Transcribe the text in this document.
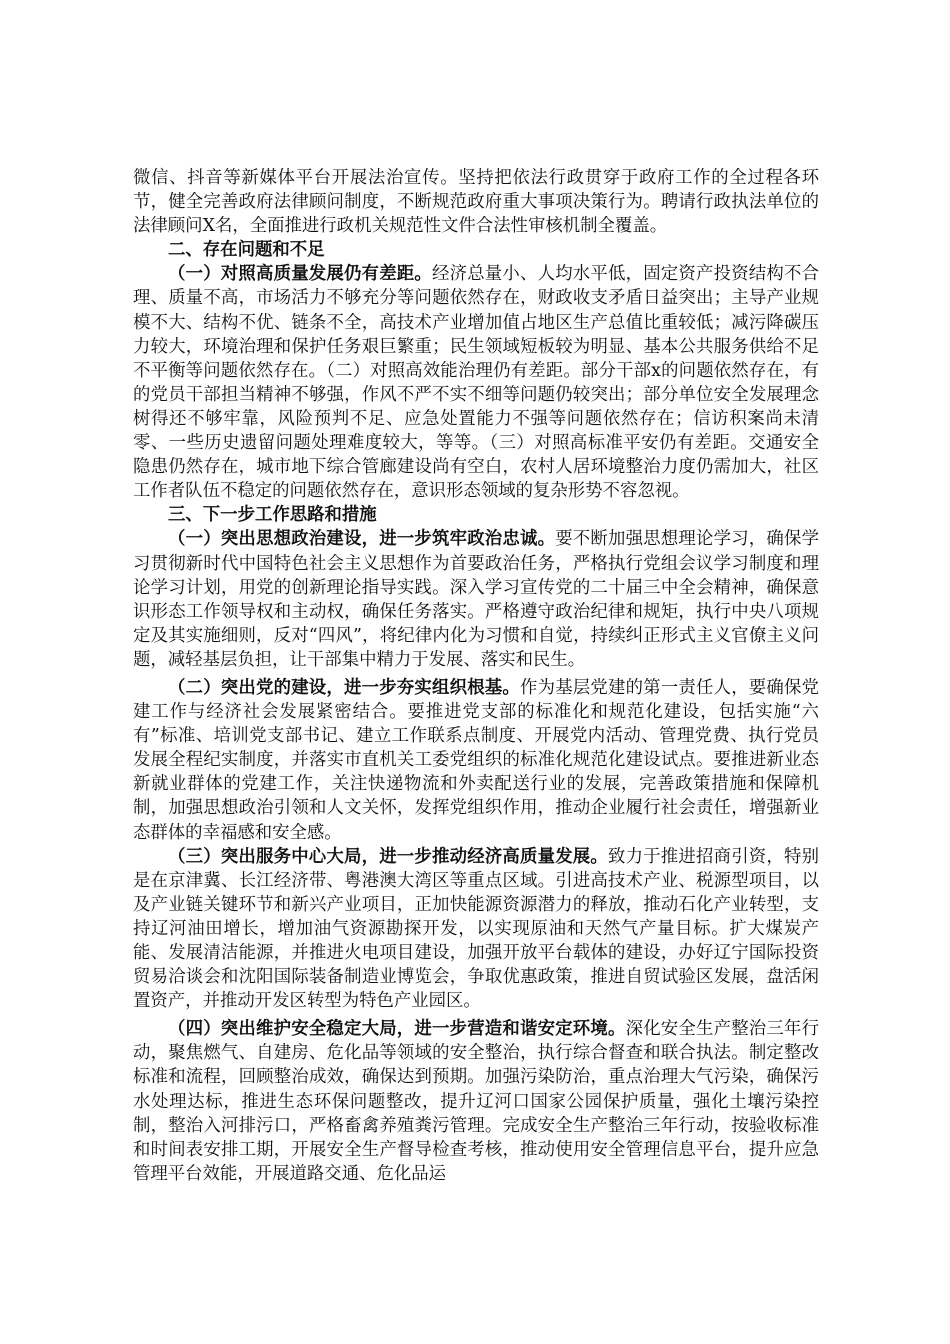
微信、抖音等新媒体平台开展法治宣传。坚持把依法行政贯穿于政府工作的全过程各环节，健全完善政府法律顾问制度，不断规范政府重大事项决策行为。聘请行政执法单位的法律顾问X名，全面推进行政机关规范性文件合法性审核机制全覆盖。

二、存在问题和不足

（一）对照高质量发展仍有差距。经济总量小、人均水平低，固定资产投资结构不合理、质量不高，市场活力不够充分等问题依然存在，财政收支矛盾日益突出；主导产业规模不大、结构不优、链条不全，高技术产业增加值占地区生产总值比重较低；减污降碳压力较大，环境治理和保护任务艰巨繁重；民生领域短板较为明显、基本公共服务供给不足不平衡等问题依然存在。（二）对照高效能治理仍有差距。部分干部x的问题依然存在，有的党员干部担当精神不够强，作风不严不实不细等问题仍较突出；部分单位安全发展理念树得还不够牢靠，风险预判不足、应急处置能力不强等问题依然存在；信访积案尚未清零、一些历史遗留问题处理难度较大，等等。（三）对照高标准平安仍有差距。交通安全隐患仍然存在，城市地下综合管廊建设尚有空白，农村人居环境整治力度仍需加大，社区工作者队伍不稳定的问题依然存在，意识形态领域的复杂形势不容忽视。

三、下一步工作思路和措施

（一）突出思想政治建设，进一步筑牢政治忠诚。要不断加强思想理论学习，确保学习贯彻新时代中国特色社会主义思想作为首要政治任务，严格执行党组会议学习制度和理论学习计划，用党的创新理论指导实践。深入学习宣传党的二十届三中全会精神，确保意识形态工作领导权和主动权，确保任务落实。严格遵守政治纪律和规矩，执行中央八项规定及其实施细则，反对“四风”，将纪律内化为习惯和自觉，持续纠正形式主义官僚主义问题，减轻基层负担，让干部集中精力于发展、落实和民生。

（二）突出党的建设，进一步夯实组织根基。作为基层党建的第一责任人，要确保党建工作与经济社会发展紧密结合。要推进党支部的标准化和规范化建设，包括实施“六有”标准、培训党支部书记、建立工作联系点制度、开展党内活动、管理党费、执行党员发展全程纪实制度，并落实市直机关工委党组织的标准化规范化建设试点。要推进新业态新就业群体的党建工作，关注快递物流和外卖配送行业的发展，完善政策措施和保障机制，加强思想政治引领和人文关怀，发挥党组织作用，推动企业履行社会责任，增强新业态群体的幸福感和安全感。

（三）突出服务中心大局，进一步推动经济高质量发展。致力于推进招商引资，特别是在京津冀、长江经济带、粤港澳大湾区等重点区域。引进高技术产业、税源型项目，以及产业链关键环节和新兴产业项目，正加快能源资源潜力的释放，推动石化产业转型，支持辽河油田增长，增加油气资源勘探开发，以实现原油和天然气产量目标。扩大煤炭产能、发展清洁能源，并推进火电项目建设，加强开放平台载体的建设，办好辽宁国际投资贸易洽谈会和沈阳国际装备制造业博览会，争取优惠政策，推进自贸试验区发展，盘活闲置资产，并推动开发区转型为特色产业园区。

（四）突出维护安全稳定大局，进一步营造和谐安定环境。深化安全生产整治三年行动，聚焦燃气、自建房、危化品等领域的安全整治，执行综合督查和联合执法。制定整改标准和流程，回顾整治成效，确保达到预期。加强污染防治，重点治理大气污染，确保污水处理达标，推进生态环保问题整改，提升辽河口国家公园保护质量，强化土壤污染控制，整治入河排污口，严格畜禽养殖粪污管理。完成安全生产整治三年行动，按验收标准和时间表安排工期，开展安全生产督导检查考核，推动使用安全管理信息平台，提升应急管理平台效能，开展道路交通、危化品运
